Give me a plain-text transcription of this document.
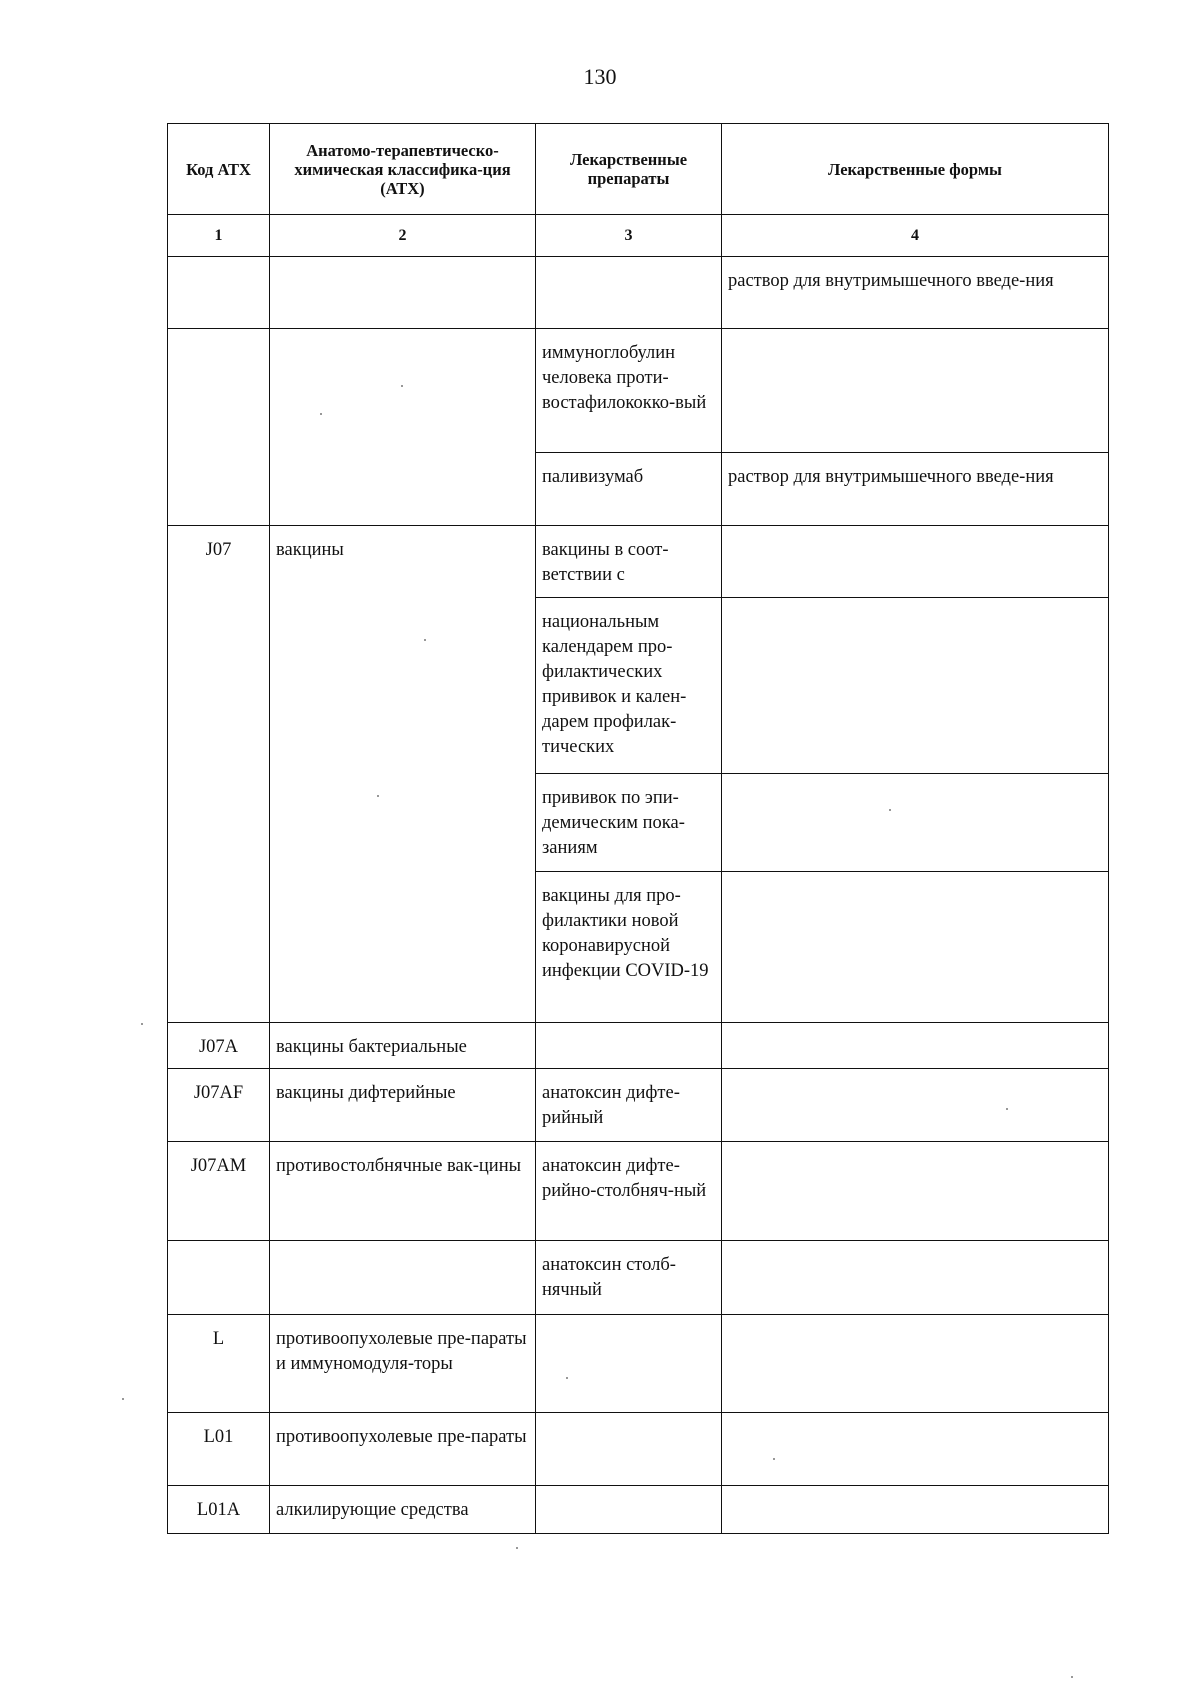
130
Код АТХ	Анатомо-терапевтическо-химическая классифика-ция (АТХ)	Лекарственные препараты	Лекарственные формы
1	2	3	4
			раствор для внутримышечного введе-ния
		иммуноглобулин человека проти-востафилококко-вый	
		паливизумаб	раствор для внутримышечного введе-ния
J07	вакцины	вакцины в соот-ветствии с	
		национальным календарем про-филактических прививок и кален-дарем профилак-тических	
		прививок по эпи-демическим пока-заниям	
		вакцины для про-филактики новой коронавирусной инфекции COVID-19	
J07A	вакцины бактериальные		
J07AF	вакцины дифтерийные	анатоксин дифте-рийный	
J07AM	противостолбнячные вак-цины	анатоксин дифте-рийно-столбняч-ный	
		анатоксин столб-нячный	
L	противоопухолевые пре-параты и иммуномодуля-торы		
L01	противоопухолевые пре-параты		
L01A	алкилирующие средства		
